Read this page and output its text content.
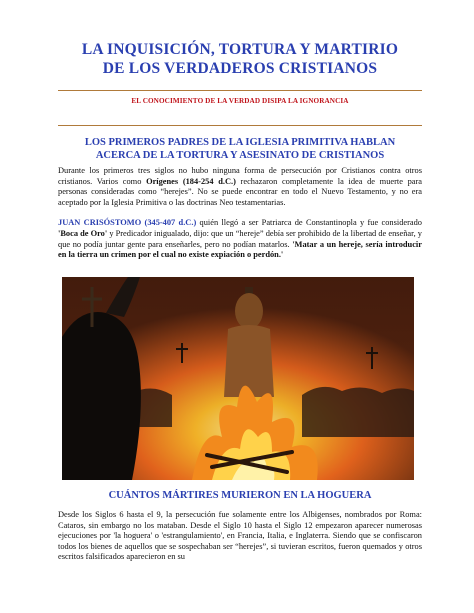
LA INQUISICIÓN, TORTURA Y MARTIRIO
DE LOS VERDADEROS CRISTIANOS
EL CONOCIMIENTO DE LA VERDAD DISIPA LA IGNORANCIA
LOS PRIMEROS PADRES DE LA IGLESIA PRIMITIVA HABLAN
ACERCA DE LA TORTURA Y ASESINATO DE CRISTIANOS

Durante los primeros tres siglos no hubo ninguna forma de persecución por Cristianos contra otros cristianos. Varios como Orígenes (184-254 d.C.) rechazaron completamente la idea de muerte para personas consideradas como “herejes”. No se puede encontrar en todo el Nuevo Testamento, y no era aceptado por la Iglesia Primitiva o las doctrinas Neo testamentarias.

JUAN CRISÓSTOMO (345-407 d.C.) quién llegó a ser Patriarca de Constantinopla y fue considerado 'Boca de Oro' y Predicador inigualado, dijo: que un “hereje” debía ser prohibido de la libertad de enseñar, y que no podía juntar gente para enseñarles, pero no podían matarlos. 'Matar a un hereje, sería introducir en la tierra un crimen por el cual no existe expiación o perdón.'

CUÁNTOS MÁRTIRES MURIERON EN LA HOGUERA

Desde los Siglos 6 hasta el 9, la persecución fue solamente entre los Albigenses, nombrados por Roma: Cataros, sin embargo no los mataban. Desde el Siglo 10 hasta el Siglo 12 empezaron aparecer numerosas ejecuciones por 'la hoguera' o 'estrangulamiento', en Francia, Italia, e Inglaterra. Siendo que se confiscaron todos los bienes de aquellos que se sospechaban ser “herejes”, si tuvieran escritos, fueron quemados y otros escritos falsificados aparecieron en su
